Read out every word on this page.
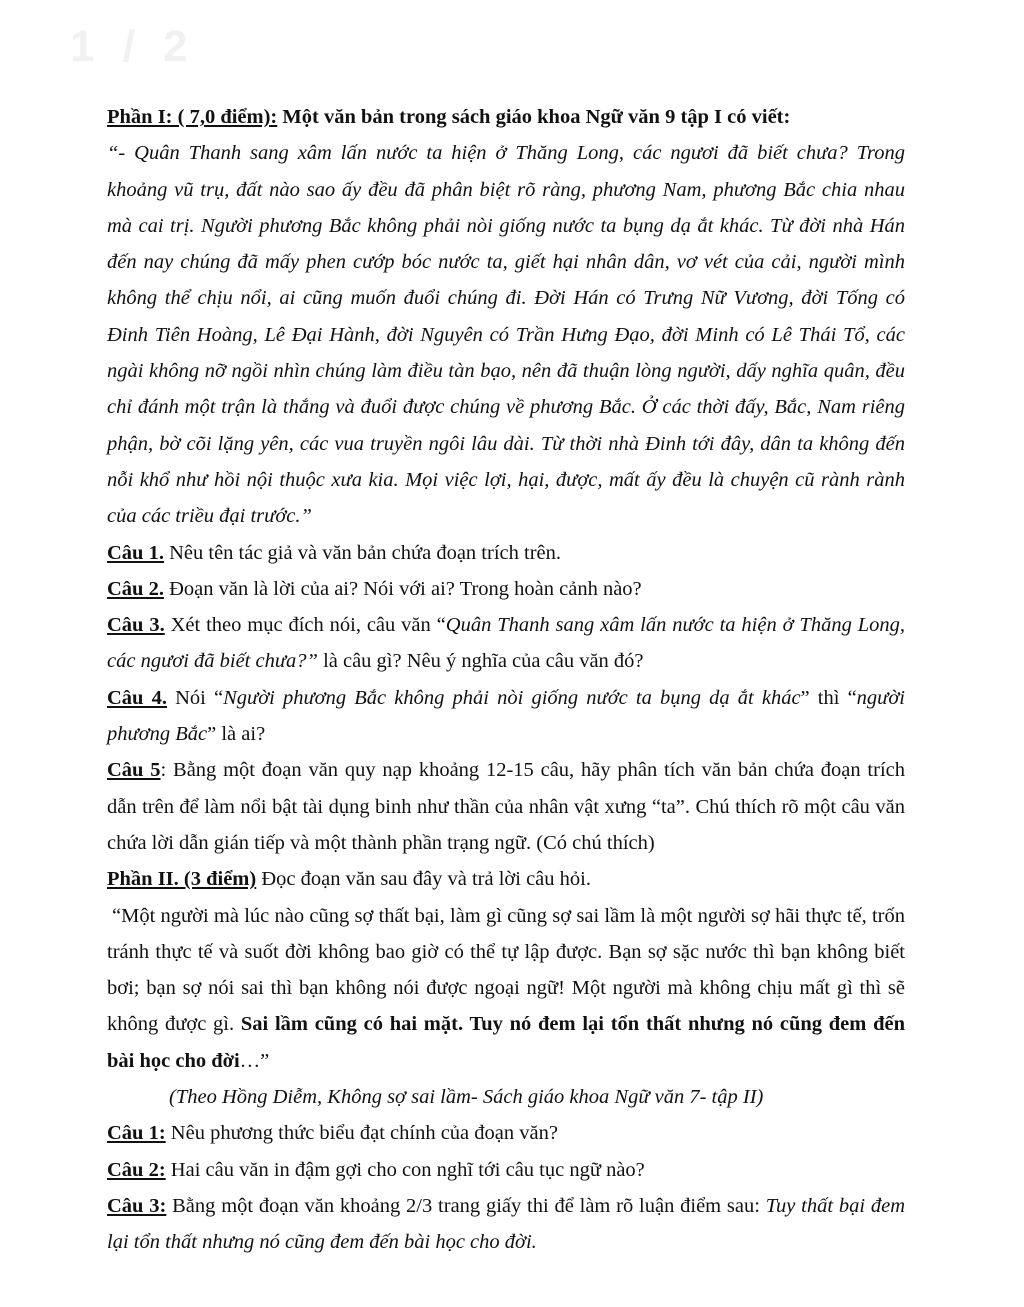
1 / 2

Phần I: ( 7,0 điểm): Một văn bản trong sách giáo khoa Ngữ văn 9 tập I có viết:

“- Quân Thanh sang xâm lấn nước ta hiện ở Thăng Long, các ngươi đã biết chưa? Trong khoảng vũ trụ, đất nào sao ấy đều đã phân biệt rõ ràng, phương Nam, phương Bắc chia nhau mà cai trị. Người phương Bắc không phải nòi giống nước ta bụng dạ ắt khác. Từ đời nhà Hán đến nay chúng đã mấy phen cướp bóc nước ta, giết hại nhân dân, vơ vét của cải, người mình không thể chịu nổi, ai cũng muốn đuổi chúng đi. Đời Hán có Trưng Nữ Vương, đời Tống có Đinh Tiên Hoàng, Lê Đại Hành, đời Nguyên có Trần Hưng Đạo, đời Minh có Lê Thái Tổ, các ngài không nỡ ngồi nhìn chúng làm điều tàn bạo, nên đã thuận lòng người, dấy nghĩa quân, đều chỉ đánh một trận là thắng và đuổi được chúng về phương Bắc. Ở các thời đấy, Bắc, Nam riêng phận, bờ cõi lặng yên, các vua truyền ngôi lâu dài. Từ thời nhà Đinh tới đây, dân ta không đến nỗi khổ như hồi nội thuộc xưa kia. Mọi việc lợi, hại, được, mất ấy đều là chuyện cũ rành rành của các triều đại trước.”

Câu 1. Nêu tên tác giả và văn bản chứa đoạn trích trên.

Câu 2. Đoạn văn là lời của ai? Nói với ai? Trong hoàn cảnh nào?

Câu 3. Xét theo mục đích nói, câu văn “Quân Thanh sang xâm lấn nước ta hiện ở Thăng Long, các ngươi đã biết chưa?” là câu gì? Nêu ý nghĩa của câu văn đó?

Câu 4. Nói “Người phương Bắc không phải nòi giống nước ta bụng dạ ắt khác” thì “người phương Bắc” là ai?

Câu 5: Bằng một đoạn văn quy nạp khoảng 12-15 câu, hãy phân tích văn bản chứa đoạn trích dẫn trên để làm nổi bật tài dụng binh như thần của nhân vật xưng “ta”. Chú thích rõ một câu văn chứa lời dẫn gián tiếp và một thành phần trạng ngữ. (Có chú thích)

Phần II. (3 điểm) Đọc đoạn văn sau đây và trả lời câu hỏi.

“Một người mà lúc nào cũng sợ thất bại, làm gì cũng sợ sai lầm là một người sợ hãi thực tế, trốn tránh thực tế và suốt đời không bao giờ có thể tự lập được. Bạn sợ sặc nước thì bạn không biết bơi; bạn sợ nói sai thì bạn không nói được ngoại ngữ! Một người mà không chịu mất gì thì sẽ không được gì. Sai lầm cũng có hai mặt. Tuy nó đem lại tổn thất nhưng nó cũng đem đến bài học cho đời…”

(Theo Hồng Diễm, Không sợ sai lầm- Sách giáo khoa Ngữ văn 7- tập II)

Câu 1: Nêu phương thức biểu đạt chính của đoạn văn?

Câu 2: Hai câu văn in đậm gợi cho con nghĩ tới câu tục ngữ nào?

Câu 3: Bằng một đoạn văn khoảng 2/3 trang giấy thi để làm rõ luận điểm sau: Tuy thất bại đem lại tổn thất nhưng nó cũng đem đến bài học cho đời.
